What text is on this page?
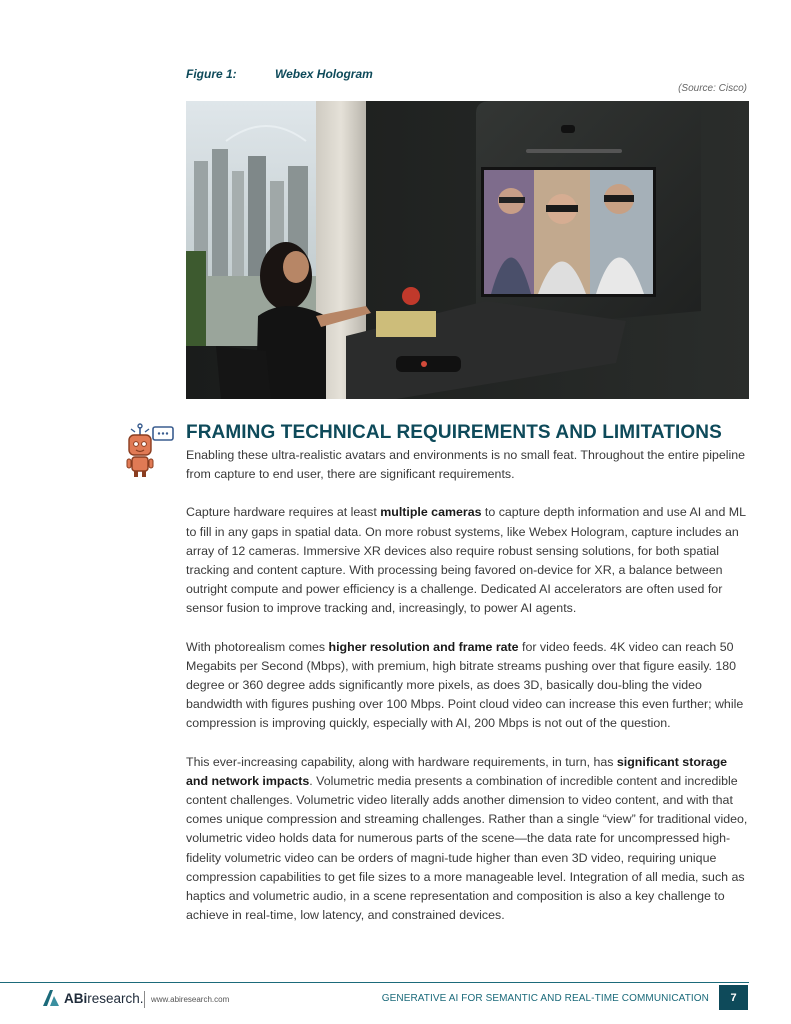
Figure 1:	Webex Hologram
(Source: Cisco)
FRAMING TECHNICAL REQUIREMENTS AND LIMITATIONS

Enabling these ultra-realistic avatars and environments is no small feat. Throughout the entire pipeline from capture to end user, there are significant requirements.

Capture hardware requires at least multiple cameras to capture depth information and use AI and ML to fill in any gaps in spatial data. On more robust systems, like Webex Hologram, capture includes an array of 12 cameras. Immersive XR devices also require robust sensing solutions, for both spatial tracking and content capture. With processing being favored on-device for XR, a balance between outright compute and power efficiency is a challenge. Dedicated AI accelerators are often used for sensor fusion to improve tracking and, increasingly, to power AI agents.

With photorealism comes higher resolution and frame rate for video feeds. 4K video can reach 50 Megabits per Second (Mbps), with premium, high bitrate streams pushing over that figure easily. 180 degree or 360 degree adds significantly more pixels, as does 3D, basically dou-bling the video bandwidth with figures pushing over 100 Mbps. Point cloud video can increase this even further; while compression is improving quickly, especially with AI, 200 Mbps is not out of the question.

This ever-increasing capability, along with hardware requirements, in turn, has significant storage and network impacts. Volumetric media presents a combination of incredible content and incredible content challenges. Volumetric video literally adds another dimension to video content, and with that comes unique compression and streaming challenges. Rather than a single “view” for traditional video, volumetric video holds data for numerous parts of the scene—the data rate for uncompressed high-fidelity volumetric video can be orders of magni-tude higher than even 3D video, requiring unique compression capabilities to get file sizes to a more manageable level. Integration of all media, such as haptics and volumetric audio, in a scene representation and composition is also a key challenge to achieve in real-time, low latency, and constrained devices.

ABiresearch. www.abiresearch.com	GENERATIVE AI FOR SEMANTIC AND REAL-TIME COMMUNICATION	7
